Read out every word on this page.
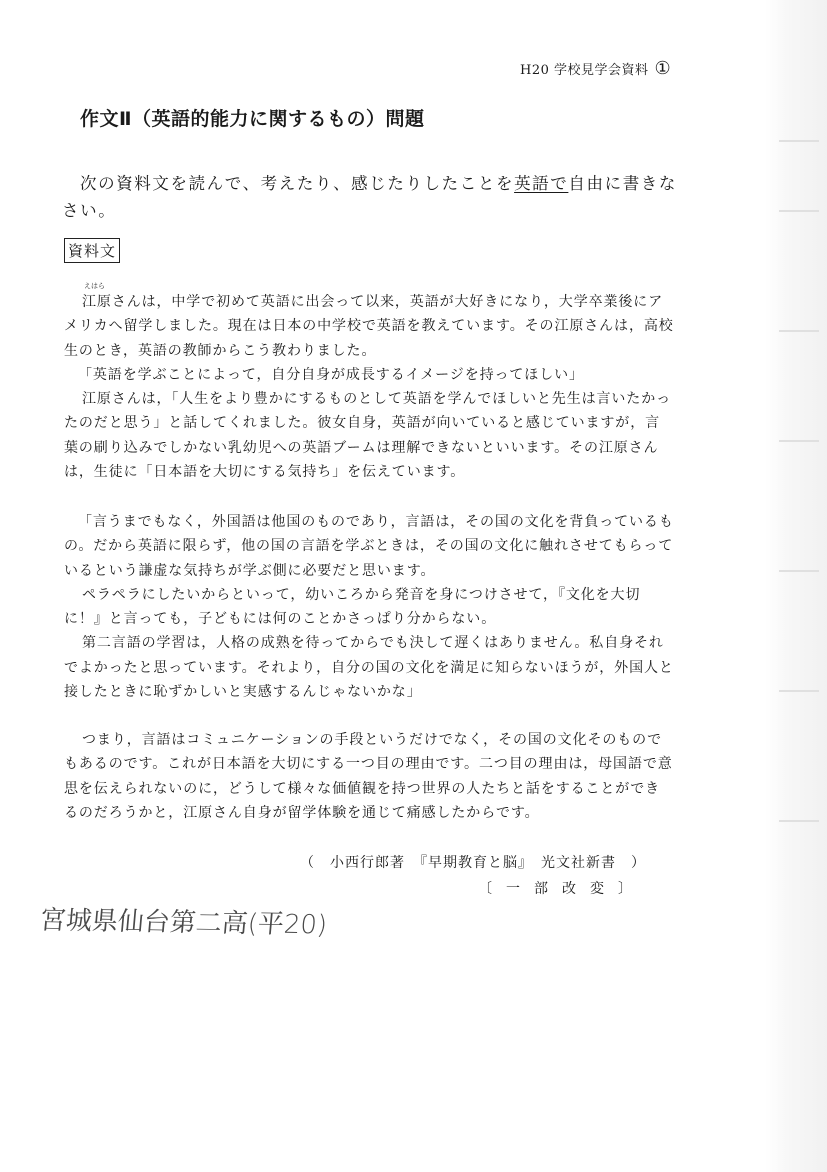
H20 学校見学会資料 ①
作文Ⅱ（英語的能力に関するもの）問題
次の資料文を読んで、考えたり、感じたりしたことを英語で自由に書きなさい。
資料文
えはら

江原さんは，中学で初めて英語に出会って以来，英語が大好きになり，大学卒業後にアメリカへ留学しました。現在は日本の中学校で英語を教えています。その江原さんは，高校生のとき，英語の教師からこう教わりました。

「英語を学ぶことによって，自分自身が成長するイメージを持ってほしい」

江原さんは，「人生をより豊かにするものとして英語を学んでほしいと先生は言いたかったのだと思う」と話してくれました。彼女自身，英語が向いていると感じていますが，言葉の刷り込みでしかない乳幼児への英語ブームは理解できないといいます。その江原さんは，生徒に「日本語を大切にする気持ち」を伝えています。

「言うまでもなく，外国語は他国のものであり，言語は，その国の文化を背負っているもの。だから英語に限らず，他の国の言語を学ぶときは，その国の文化に触れさせてもらっているという謙虚な気持ちが学ぶ側に必要だと思います。

ペラペラにしたいからといって，幼いころから発音を身につけさせて，『文化を大切に！』と言っても，子どもには何のことかさっぱり分からない。

第二言語の学習は，人格の成熟を待ってからでも決して遅くはありません。私自身それでよかったと思っています。それより，自分の国の文化を満足に知らないほうが，外国人と接したときに恥ずかしいと実感するんじゃないかな」

つまり，言語はコミュニケーションの手段というだけでなく，その国の文化そのものでもあるのです。これが日本語を大切にする一つ目の理由です。二つ目の理由は，母国語で意思を伝えられないのに，どうして様々な価値観を持つ世界の人たちと話をすることができるのだろうかと，江原さん自身が留学体験を通じて痛感したからです。

（　小西行郎著　『早期教育と脳』　光文社新書　）
〔一部改変〕
宮城県仙台第二高(平20)
